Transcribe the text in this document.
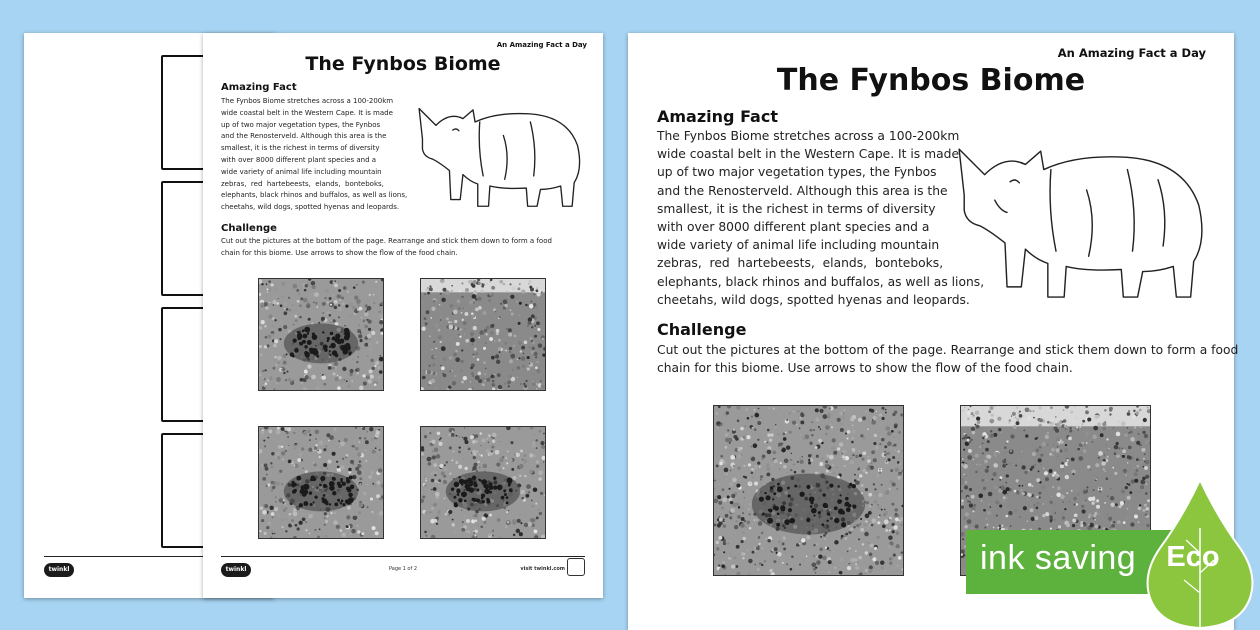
twinkl
An Amazing Fact a Day
The Fynbos Biome
Amazing Fact
The Fynbos Biome stretches across a 100-200km
wide coastal belt in the Western Cape. It is made
up of two major vegetation types, the Fynbos
and the Renosterveld. Although this area is the
smallest, it is the richest in terms of diversity
with over 8000 different plant species and a
wide variety of animal life including mountain
zebras,  red  hartebeests,  elands,  bonteboks,
elephants, black rhinos and buffalos, as well as lions,
cheetahs, wild dogs, spotted hyenas and leopards.
Challenge
Cut out the pictures at the bottom of the page. Rearrange and stick them down to form a food
chain for this biome. Use arrows to show the flow of the food chain.
twinkl	Page 1 of 2	visit twinkl.com
An Amazing Fact a Day
The Fynbos Biome
Amazing Fact
The Fynbos Biome stretches across a 100-200km
wide coastal belt in the Western Cape. It is made
up of two major vegetation types, the Fynbos
and the Renosterveld. Although this area is the
smallest, it is the richest in terms of diversity
with over 8000 different plant species and a
wide variety of animal life including mountain
zebras,  red  hartebeests,  elands,  bonteboks,
elephants, black rhinos and buffalos, as well as lions,
cheetahs, wild dogs, spotted hyenas and leopards.
Challenge
Cut out the pictures at the bottom of the page. Rearrange and stick them down to form a food
chain for this biome. Use arrows to show the flow of the food chain.
ink saving Eco
